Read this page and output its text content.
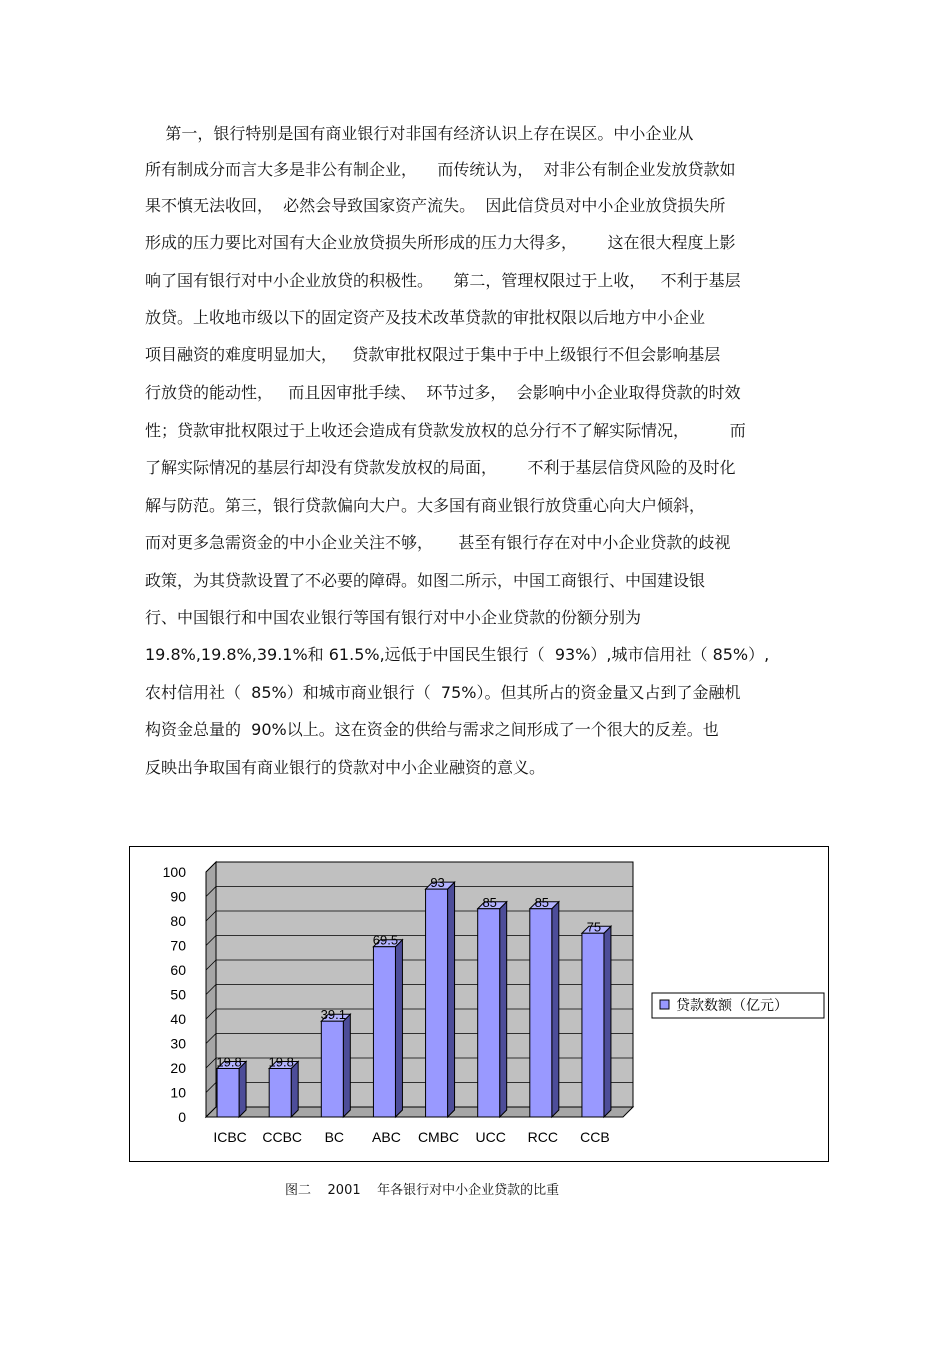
第一，银行特别是国有商业银行对非国有经济认识上存在误区。中小企业从
所有制成分而言大多是非公有制企业，    而传统认为，  对非公有制企业发放贷款如
果不慎无法收回，  必然会导致国家资产流失。  因此信贷员对中小企业放贷损失所
形成的压力要比对国有大企业放贷损失所形成的压力大得多，      这在很大程度上影
响了国有银行对中小企业放贷的积极性。    第二，管理权限过于上收，   不利于基层
放贷。上收地市级以下的固定资产及技术改革贷款的审批权限以后地方中小企业
项目融资的难度明显加大，   贷款审批权限过于集中于中上级银行不但会影响基层
行放贷的能动性，   而且因审批手续、  环节过多，  会影响中小企业取得贷款的时效
性；贷款审批权限过于上收还会造成有贷款发放权的总分行不了解实际情况，        而
了解实际情况的基层行却没有贷款发放权的局面，      不利于基层信贷风险的及时化
解与防范。第三，银行贷款偏向大户。大多国有商业银行放贷重心向大户倾斜，
而对更多急需资金的中小企业关注不够，     甚至有银行存在对中小企业贷款的歧视
政策，为其贷款设置了不必要的障碍。如图二所示，中国工商银行、中国建设银
行、中国银行和中国农业银行等国有银行对中小企业贷款的份额分别为
19.8%,19.8%,39.1%和 61.5%,远低于中国民生银行（  93%）,城市信用社（ 85%）,
农村信用社（  85%）和城市商业银行（  75%）。但其所占的资金量又占到了金融机
构资金总量的  90%以上。这在资金的供给与需求之间形成了一个很大的反差。也
反映出争取国有商业银行的贷款对中小企业融资的意义。
0
10
20
30
40
50
60
70
80
90
100
19.8
ICBC
19.8
CCBC
39.1
BC
69.5
ABC
93
CMBC
85
UCC
85
RCC
75
CCB
贷款数额（亿元）
图二    2001    年各银行对中小企业贷款的比重
